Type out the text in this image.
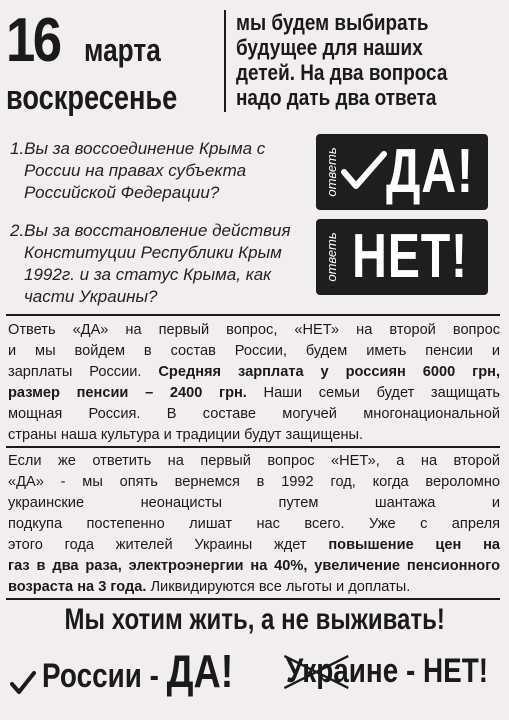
16 марта
воскресенье
мы будем выбирать
будущее для наших
детей. На два вопроса
надо дать два ответа
1.Вы за воссоединение Крыма с
России на правах субъекта
Российской Федерации?	ответь ДА!
2.Вы за восстановление действия
Конституции Республики Крым
1992г. и за статус Крыма, как
части Украины?
ответь НЕТ!
Ответь «ДА» на первый вопрос, «НЕТ» на второй вопрос
и мы войдем в состав России, будем иметь пенсии и
зарплаты России. Средняя зарплата у россиян 6000 грн,
размер пенсии – 2400 грн. Наши семьи будет защищать
мощная Россия. В составе могучей многонациональной
страны наша культура и традиции будут защищены.
Если же ответить на первый вопрос «НЕТ», а на второй
«ДА» - мы опять вернемся в 1992 год, когда вероломно
украинские неонацисты путем шантажа и
подкупа постепенно лишат нас всего. Уже с апреля
этого года жителей Украины ждет повышение цен на
газ в два раза, электроэнергии на 40%, увеличение пенсионного
возраста на 3 года. Ликвидируются все льготы и доплаты.
Мы хотим жить, а не выживать!
России - ДА!	Украи
не - НЕТ!
